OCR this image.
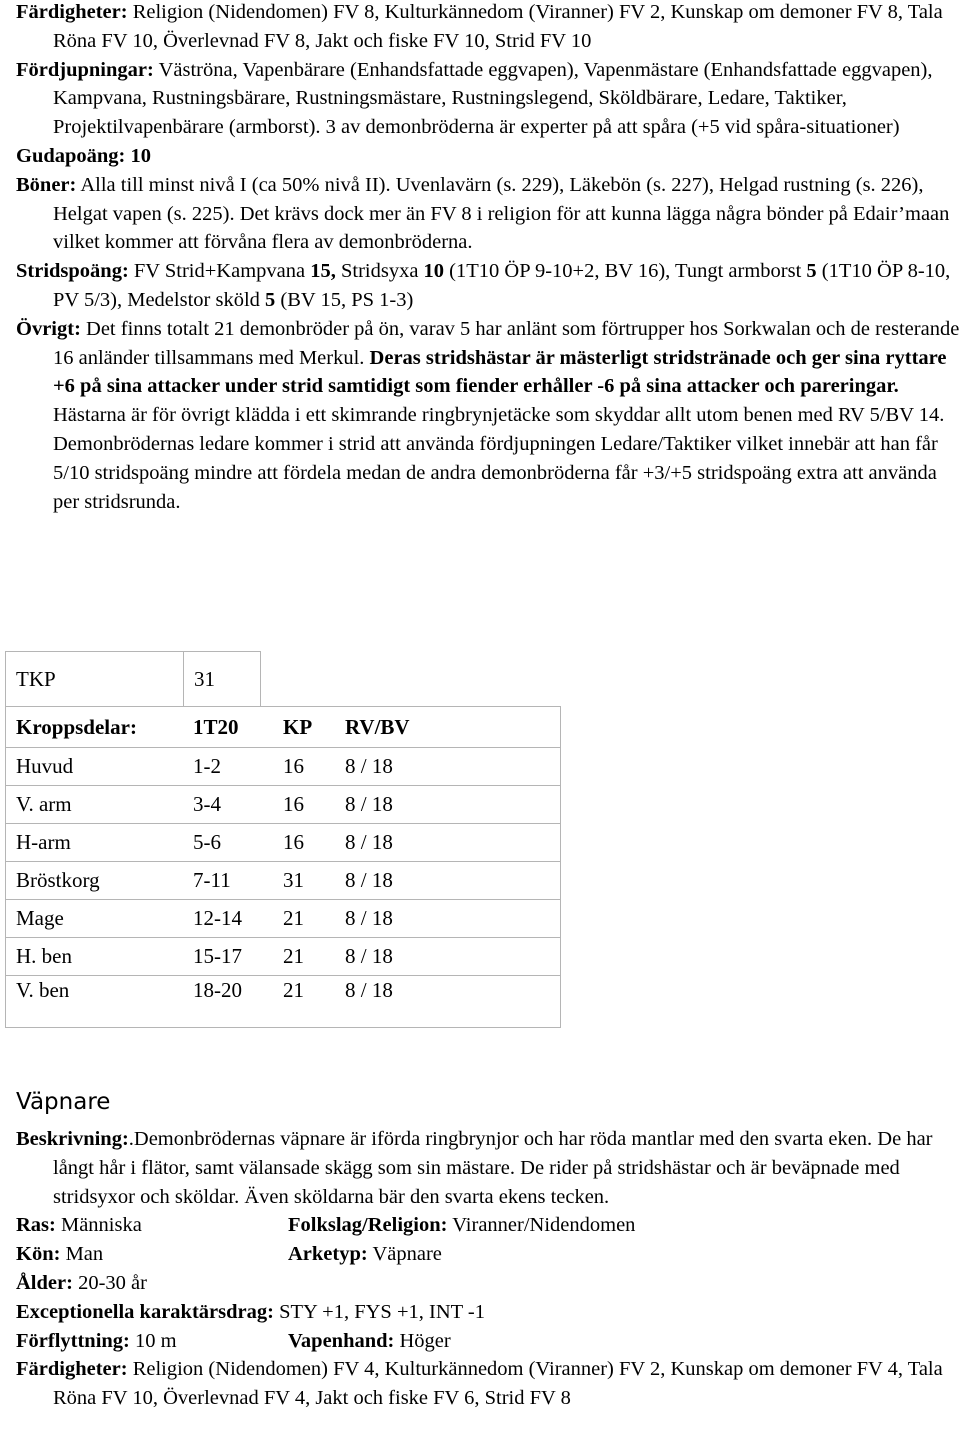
Färdigheter: Religion (Nidendomen) FV 8, Kulturkännedom (Viranner) FV 2, Kunskap om demoner FV 8, Tala Röna FV 10, Överlevnad FV 8, Jakt och fiske FV 10, Strid FV 10

Fördjupningar: Väströna, Vapenbärare (Enhandsfattade eggvapen), Vapenmästare (Enhandsfattade eggvapen), Kampvana, Rustningsbärare, Rustningsmästare, Rustningslegend, Sköldbärare, Ledare, Taktiker, Projektilvapenbärare (armborst). 3 av demonbröderna är experter på att spåra (+5 vid spåra-situationer)

Gudapoäng: 10

Böner: Alla till minst nivå I (ca 50% nivå II). Uvenlavärn (s. 229), Läkebön (s. 227), Helgad rustning (s. 226), Helgat vapen (s. 225). Det krävs dock mer än FV 8 i religion för att kunna lägga några bönder på Edair’maan vilket kommer att förvåna flera av demonbröderna.

Stridspoäng: FV Strid+Kampvana 15, Stridsyxa 10 (1T10 ÖP 9-10+2, BV 16), Tungt armborst 5 (1T10 ÖP 8-10, PV 5/3), Medelstor sköld 5 (BV 15, PS 1-3)

Övrigt: Det finns totalt 21 demonbröder på ön, varav 5 har anlänt som förtrupper hos Sorkwalan och de resterande 16 anländer tillsammans med Merkul. Deras stridshästar är mästerligt stridstränade och ger sina ryttare +6 på sina attacker under strid samtidigt som fiender erhåller -6 på sina attacker och pareringar. Hästarna är för övrigt klädda i ett skimrande ringbrynjetäcke som skyddar allt utom benen med RV 5/BV 14. Demonbrödernas ledare kommer i strid att använda fördjupningen Ledare/Taktiker vilket innebär att han får 5/10 stridspoäng mindre att fördela medan de andra demonbröderna får +3/+5 stridspoäng extra att använda per stridsrunda.

TKP	31
Kroppsdelar:	1T20	KP	RV/BV	
Huvud	1-2	16	8 / 18	
V. arm	3-4	16	8 / 18	
H-arm	5-6	16	8 / 18	
Bröstkorg	7-11	31	8 / 18	
Mage	12-14	21	8 / 18	
H. ben	15-17	21	8 / 18	
V. ben	18-20	21	8 / 18	
Väpnare

Beskrivning:.Demonbrödernas väpnare är iförda ringbrynjor och har röda mantlar med den svarta eken. De har långt hår i flätor, samt välansade skägg som sin mästare. De rider på stridshästar och är beväpnade med stridsyxor och sköldar. Även sköldarna bär den svarta ekens tecken.

Ras: Människa	Folkslag/Religion: Viranner/Nidendomen
Kön: Man	Arketyp: Väpnare
Ålder: 20-30 år
Exceptionella karaktärsdrag: STY +1, FYS +1, INT -1
Förflyttning: 10 m	Vapenhand: Höger

Färdigheter: Religion (Nidendomen) FV 4, Kulturkännedom (Viranner) FV 2, Kunskap om demoner FV 4, Tala Röna FV 10, Överlevnad FV 4, Jakt och fiske FV 6, Strid FV 8
